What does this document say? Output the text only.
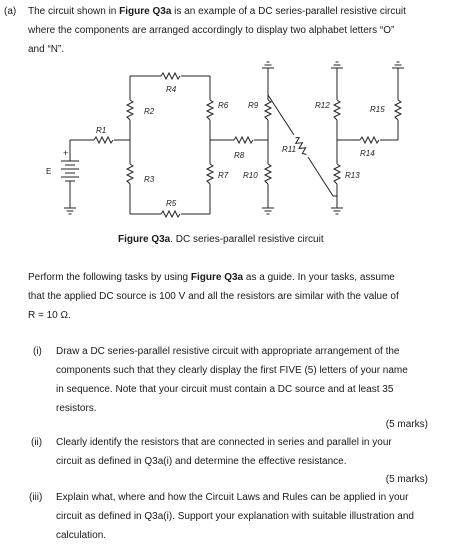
(a) The circuit shown in Figure Q3a is an example of a DC series-parallel resistive circuit
where the components are arranged accordingly to display two alphabet letters “O”
and “N”.
R1
R2
R3
R4
R5
R6
R7
R8
R9
R10
R11
R12
R13
R14
R15
E
+
Figure Q3a. DC series-parallel resistive circuit
Perform the following tasks by using Figure Q3a as a guide. In your tasks, assume
that the applied DC source is 100 V and all the resistors are similar with the value of
R = 10 Ω.
(i) Draw a DC series-parallel resistive circuit with appropriate arrangement of the
components such that they clearly display the first FIVE (5) letters of your name
in sequence. Note that your circuit must contain a DC source and at least 35
resistors.
(5 marks)
(ii) Clearly identify the resistors that are connected in series and parallel in your
circuit as defined in Q3a(i) and determine the effective resistance.
(5 marks)
(iii) Explain what, where and how the Circuit Laws and Rules can be applied in your
circuit as defined in Q3a(i). Support your explanation with suitable illustration and
calculation.
